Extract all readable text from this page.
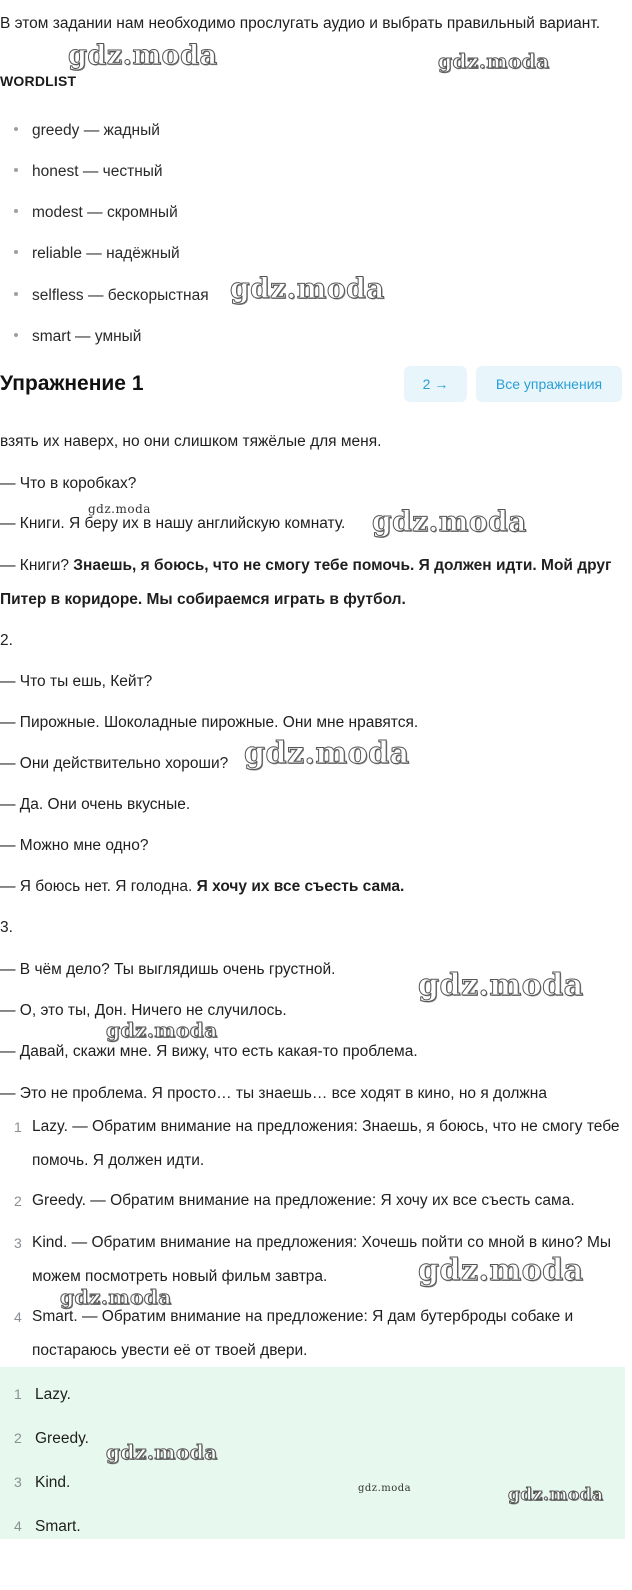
В этом задании нам необходимо прослугать аудио и выбрать правильный вариант.
WORDLIST
greedy — жадный
honest — честный
modest — скромный
reliable — надёжный
selfless — бескорыстная
smart — умный
Упражнение 1	2 →	Все упражнения
взять их наверх, но они слишком тяжёлые для меня.
— Что в коробках?
— Книги. Я беру их в нашу английскую комнату.
— Книги? Знаешь, я боюсь, что не смогу тебе помочь. Я должен идти. Мой друг
Питер в коридоре. Мы собираемся играть в футбол.
2.
— Что ты ешь, Кейт?
— Пирожные. Шоколадные пирожные. Они мне нравятся.
— Они действительно хороши?
— Да. Они очень вкусные.
— Можно мне одно?
— Я боюсь нет. Я голодна. Я хочу их все съесть сама.
3.
— В чём дело? Ты выглядишь очень грустной.
— О, это ты, Дон. Ничего не случилось.
— Давай, скажи мне. Я вижу, что есть какая-то проблема.
— Это не проблема. Я просто… ты знаешь… все ходят в кино, но я должна
1 Lazy. — Обратим внимание на предложения: Знаешь, я боюсь, что не смогу тебе помочь. Я должен идти.
2 Greedy. — Обратим внимание на предложение: Я хочу их все съесть сама.
3 Kind. — Обратим внимание на предложения: Хочешь пойти со мной в кино? Мы можем посмотреть новый фильм завтра.
4 Smart. — Обратим внимание на предложение: Я дам бутерброды собаке и постараюсь увести её от твоей двери.
1 Lazy.
2 Greedy.
3 Kind.
4 Smart.
gdz.moda	gdz.moda
gdz.moda
gdz.moda	gdz.moda
gdz.moda
gdz.moda
gdz.moda
gdz.moda
gdz.moda
gdz.moda
gdz.moda	gdz.moda
